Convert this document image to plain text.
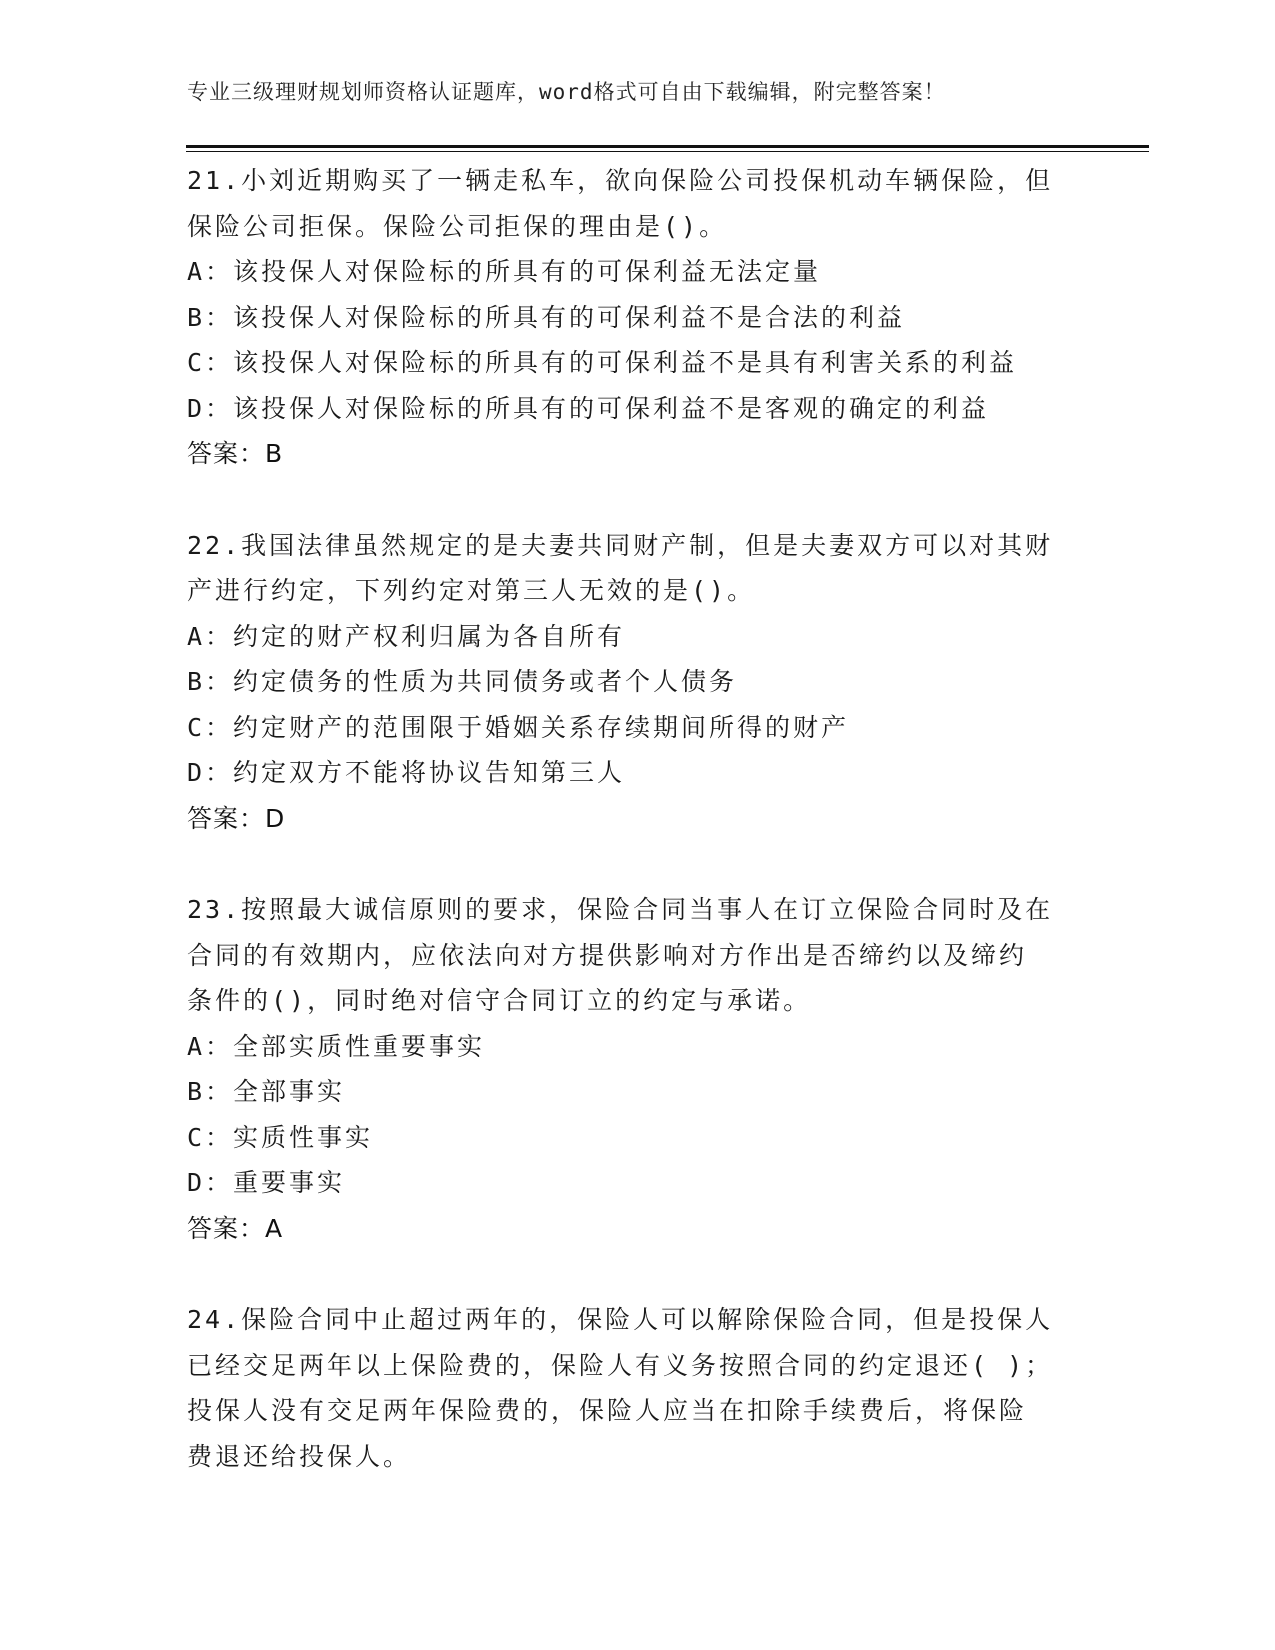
专业三级理财规划师资格认证题库，word格式可自由下载编辑，附完整答案！
21.小刘近期购买了一辆走私车，欲向保险公司投保机动车辆保险，但
保险公司拒保。保险公司拒保的理由是()。
A：该投保人对保险标的所具有的可保利益无法定量
B：该投保人对保险标的所具有的可保利益不是合法的利益
C：该投保人对保险标的所具有的可保利益不是具有利害关系的利益
D：该投保人对保险标的所具有的可保利益不是客观的确定的利益
答案：B
22.我国法律虽然规定的是夫妻共同财产制，但是夫妻双方可以对其财
产进行约定，下列约定对第三人无效的是()。
A：约定的财产权利归属为各自所有
B：约定债务的性质为共同债务或者个人债务
C：约定财产的范围限于婚姻关系存续期间所得的财产
D：约定双方不能将协议告知第三人
答案：D
23.按照最大诚信原则的要求，保险合同当事人在订立保险合同时及在
合同的有效期内，应依法向对方提供影响对方作出是否缔约以及缔约
条件的()，同时绝对信守合同订立的约定与承诺。
A：全部实质性重要事实
B：全部事实
C：实质性事实
D：重要事实
答案：A
24.保险合同中止超过两年的，保险人可以解除保险合同，但是投保人
已经交足两年以上保险费的，保险人有义务按照合同的约定退还( )；
投保人没有交足两年保险费的，保险人应当在扣除手续费后，将保险
费退还给投保人。
